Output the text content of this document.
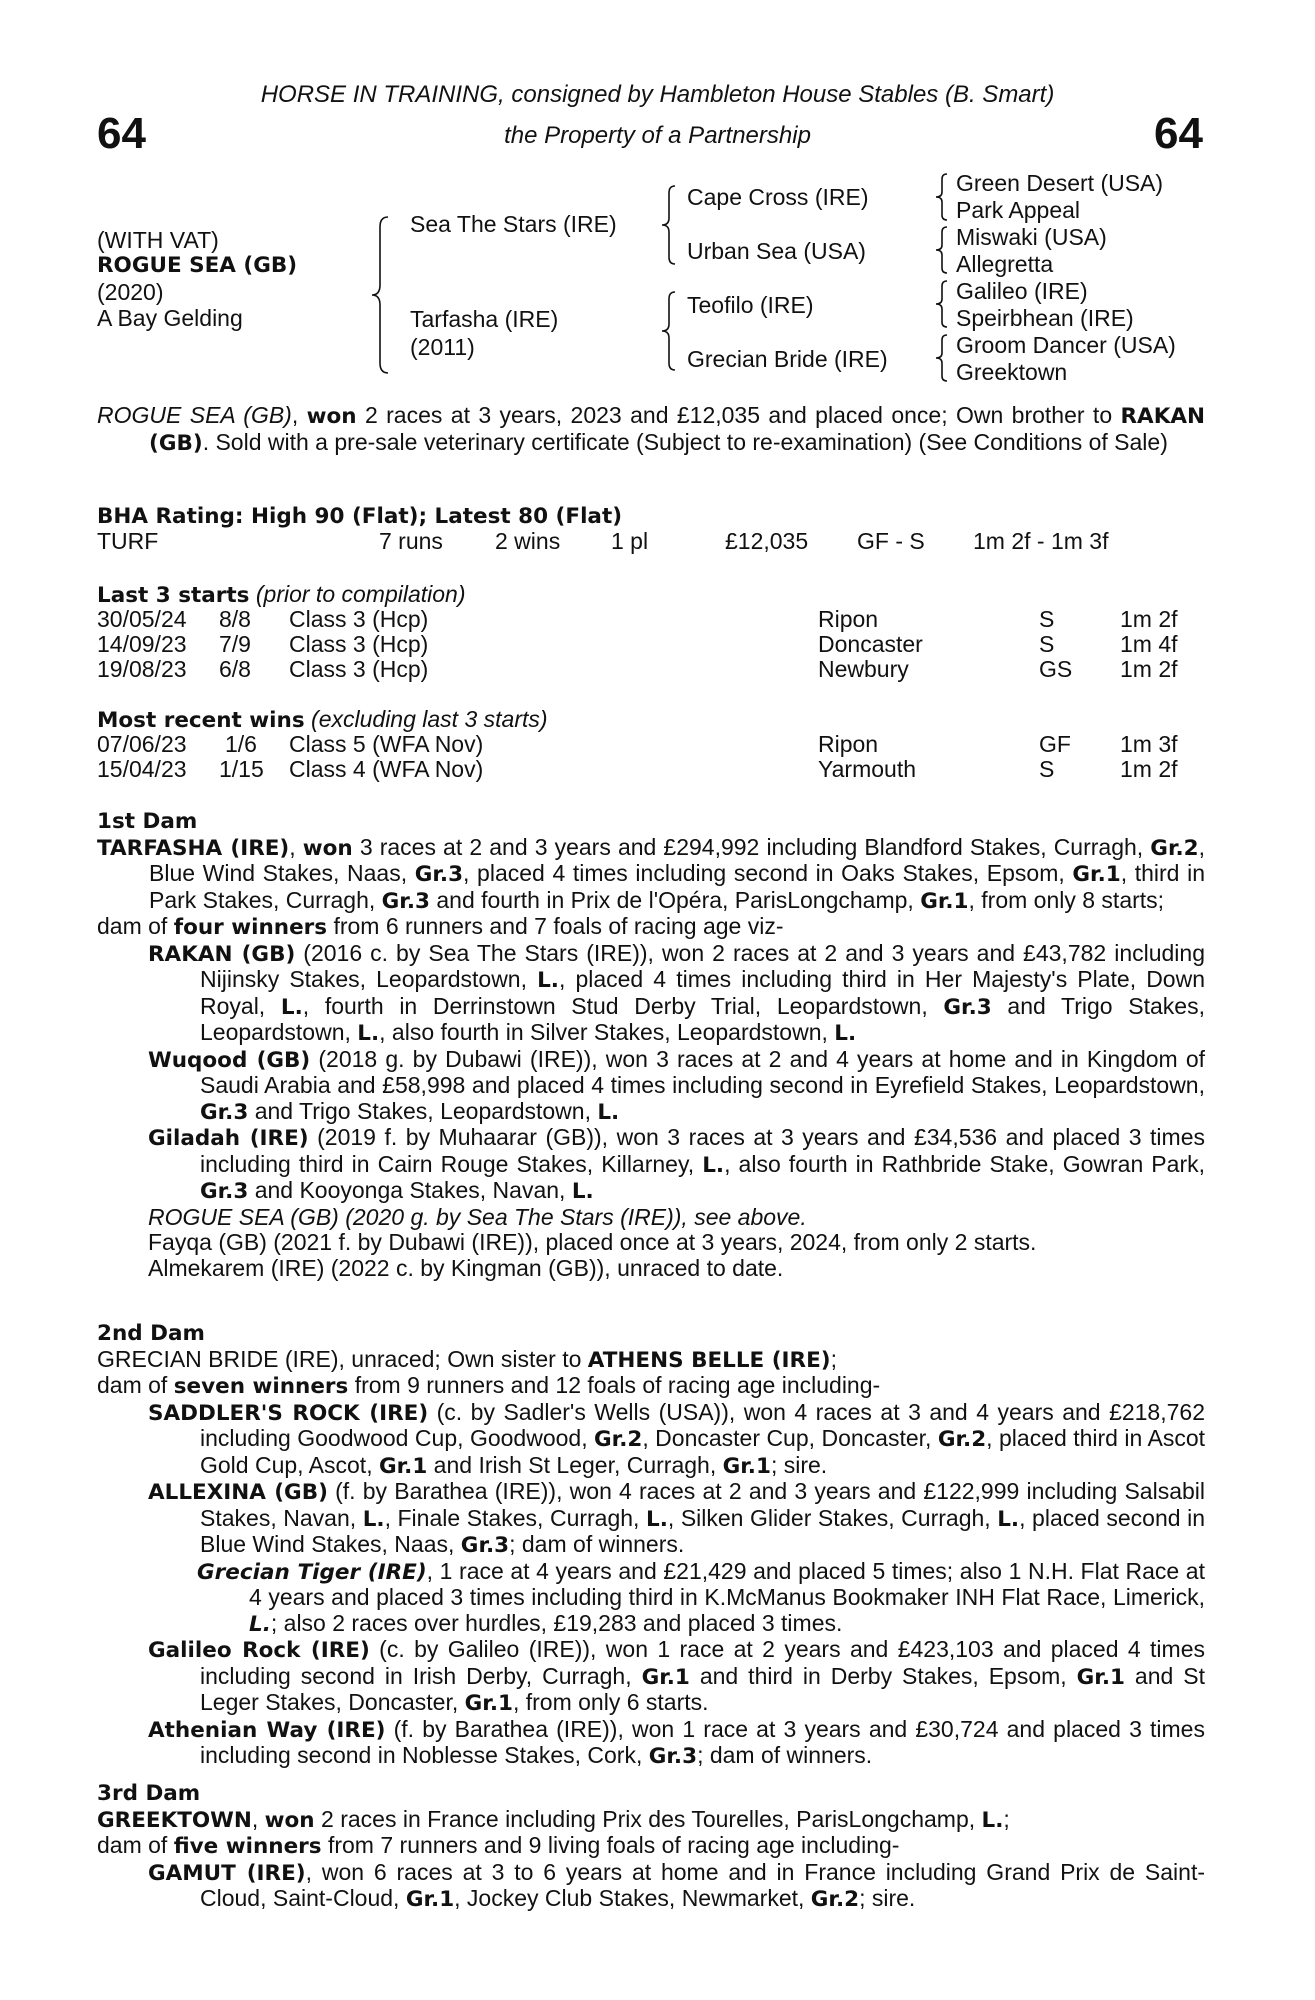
64	64
HORSE IN TRAINING, consigned by Hambleton House Stables (B. Smart)
the Property of a Partnership
(WITH VAT)
ROGUE SEA (GB)
(2020)
A Bay Gelding
Sea The Stars (IRE)
Tarfasha (IRE)
(2011)
Cape Cross (IRE)
Urban Sea (USA)
Teofilo (IRE)
Grecian Bride (IRE)
Green Desert (USA)
Park Appeal
Miswaki (USA)
Allegretta
Galileo (IRE)
Speirbhean (IRE)
Groom Dancer (USA)
Greektown

ROGUE SEA (GB), won 2 races at 3 years, 2023 and £12,035 and placed once; Own brother to RAKAN (GB). Sold with a pre-sale veterinary certificate (Subject to re-examination) (See Conditions of Sale)

BHA Rating: High 90 (Flat); Latest 80 (Flat)
TURF	7 runs 2 wins 1 pl	£12,035 GF - S 1m 2f - 1m 3f
Last 3 starts (prior to compilation)
30/05/24 8/8 Class 3 (Hcp)	Ripon	S	1m 2f
14/09/23 7/9 Class 3 (Hcp)	Doncaster	S	1m 4f
19/08/23 6/8 Class 3 (Hcp)	Newbury	GS 1m 2f
Most recent wins (excluding last 3 starts)
07/06/23 1/6 Class 5 (WFA Nov)	Ripon	GF 1m 3f
15/04/23 1/15 Class 4 (WFA Nov)	Yarmouth	S	1m 2f

1st Dam

TARFASHA (IRE), won 3 races at 2 and 3 years and £294,992 including Blandford Stakes, Curragh, Gr.2, Blue Wind Stakes, Naas, Gr.3, placed 4 times including second in Oaks Stakes, Epsom, Gr.1, third in Park Stakes, Curragh, Gr.3 and fourth in Prix de l'Opéra, ParisLongchamp, Gr.1, from only 8 starts;

dam of four winners from 6 runners and 7 foals of racing age viz-

RAKAN (GB) (2016 c. by Sea The Stars (IRE)), won 2 races at 2 and 3 years and £43,782 including Nijinsky Stakes, Leopardstown, L., placed 4 times including third in Her Majesty's Plate, Down Royal, L., fourth in Derrinstown Stud Derby Trial, Leopardstown, Gr.3 and Trigo Stakes, Leopardstown, L., also fourth in Silver Stakes, Leopardstown, L.

Wuqood (GB) (2018 g. by Dubawi (IRE)), won 3 races at 2 and 4 years at home and in Kingdom of Saudi Arabia and £58,998 and placed 4 times including second in Eyrefield Stakes, Leopardstown, Gr.3 and Trigo Stakes, Leopardstown, L.

Giladah (IRE) (2019 f. by Muhaarar (GB)), won 3 races at 3 years and £34,536 and placed 3 times including third in Cairn Rouge Stakes, Killarney, L., also fourth in Rathbride Stake, Gowran Park, Gr.3 and Kooyonga Stakes, Navan, L.

ROGUE SEA (GB) (2020 g. by Sea The Stars (IRE)), see above.

Fayqa (GB) (2021 f. by Dubawi (IRE)), placed once at 3 years, 2024, from only 2 starts.

Almekarem (IRE) (2022 c. by Kingman (GB)), unraced to date.

2nd Dam

GRECIAN BRIDE (IRE), unraced; Own sister to ATHENS BELLE (IRE);

dam of seven winners from 9 runners and 12 foals of racing age including-

SADDLER'S ROCK (IRE) (c. by Sadler's Wells (USA)), won 4 races at 3 and 4 years and £218,762 including Goodwood Cup, Goodwood, Gr.2, Doncaster Cup, Doncaster, Gr.2, placed third in Ascot Gold Cup, Ascot, Gr.1 and Irish St Leger, Curragh, Gr.1; sire.

ALLEXINA (GB) (f. by Barathea (IRE)), won 4 races at 2 and 3 years and £122,999 including Salsabil Stakes, Navan, L., Finale Stakes, Curragh, L., Silken Glider Stakes, Curragh, L., placed second in Blue Wind Stakes, Naas, Gr.3; dam of winners.

Grecian Tiger (IRE), 1 race at 4 years and £21,429 and placed 5 times; also 1 N.H. Flat Race at 4 years and placed 3 times including third in K.McManus Bookmaker INH Flat Race, Limerick, L.; also 2 races over hurdles, £19,283 and placed 3 times.

Galileo Rock (IRE) (c. by Galileo (IRE)), won 1 race at 2 years and £423,103 and placed 4 times including second in Irish Derby, Curragh, Gr.1 and third in Derby Stakes, Epsom, Gr.1 and St Leger Stakes, Doncaster, Gr.1, from only 6 starts.

Athenian Way (IRE) (f. by Barathea (IRE)), won 1 race at 3 years and £30,724 and placed 3 times including second in Noblesse Stakes, Cork, Gr.3; dam of winners.

3rd Dam

GREEKTOWN, won 2 races in France including Prix des Tourelles, ParisLongchamp, L.;

dam of five winners from 7 runners and 9 living foals of racing age including-

GAMUT (IRE), won 6 races at 3 to 6 years at home and in France including Grand Prix de Saint-Cloud, Saint-Cloud, Gr.1, Jockey Club Stakes, Newmarket, Gr.2; sire.
